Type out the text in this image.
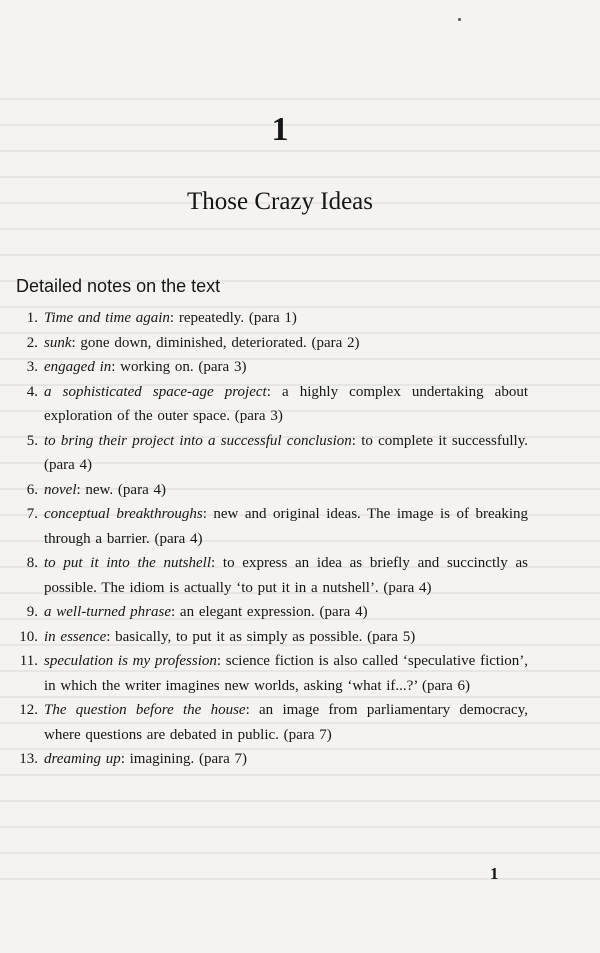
1
Those Crazy Ideas
Detailed notes on the text
1. Time and time again: repeatedly. (para 1)
2. sunk: gone down, diminished, deteriorated. (para 2)
3. engaged in: working on. (para 3)
4. a sophisticated space-age project: a highly complex undertaking about exploration of the outer space. (para 3)
5. to bring their project into a successful conclusion: to complete it successfully. (para 4)
6. novel: new. (para 4)
7. conceptual breakthroughs: new and original ideas. The image is of breaking through a barrier. (para 4)
8. to put it into the nutshell: to express an idea as briefly and succinctly as possible. The idiom is actually ‘to put it in a nutshell’. (para 4)
9. a well-turned phrase: an elegant expression. (para 4)
10. in essence: basically, to put it as simply as possible. (para 5)
11. speculation is my profession: science fiction is also called ‘speculative fiction’, in which the writer imagines new worlds, asking ‘what if...?’ (para 6)
12. The question before the house: an image from parliamentary democracy, where questions are debated in public. (para 7)
13. dreaming up: imagining. (para 7)
1
